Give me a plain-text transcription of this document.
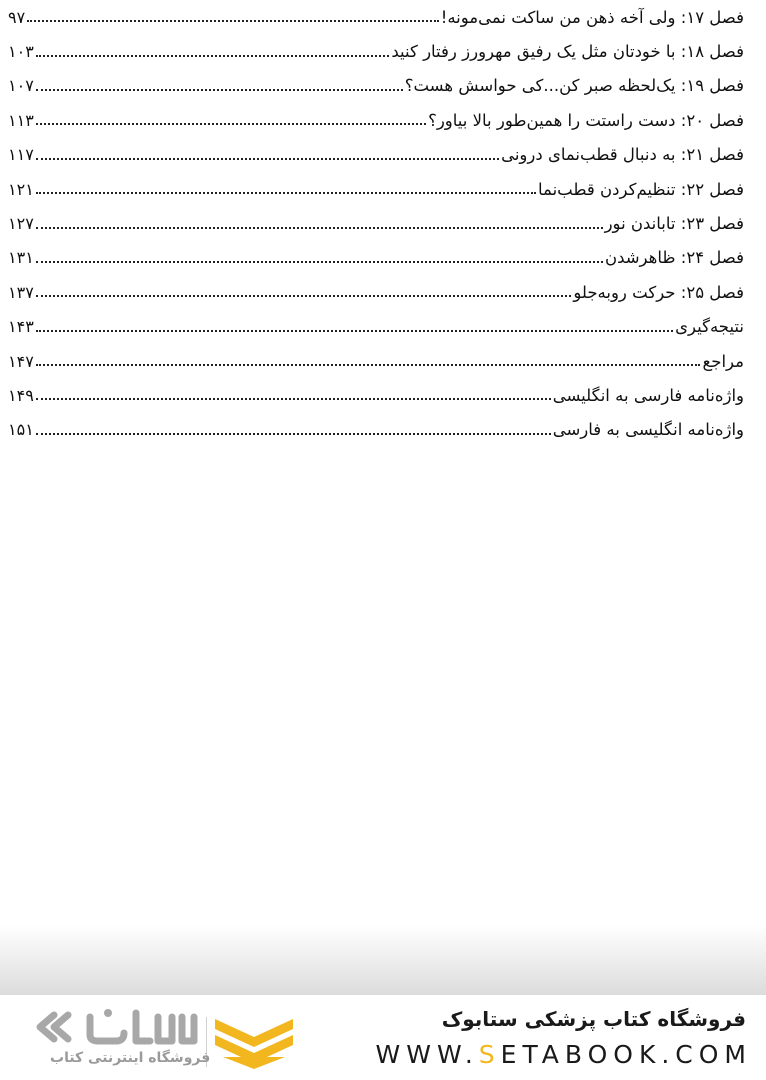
فصل ۱۷: ولی آخه ذهن من ساکت نمی‌مونه!
۹۷
فصل ۱۸: با خودتان مثل یک رفیق مهرورز رفتار کنید
۱۰۳
فصل ۱۹: یک‌لحظه صبر کن...کی حواسش هست؟
۱۰۷
فصل ۲۰: دست راستت را همین‌طور بالا بیاور؟
۱۱۳
فصل ۲۱: به دنبال قطب‌نمای درونی
۱۱۷
فصل ۲۲: تنظیم‌کردن قطب‌نما
۱۲۱
فصل ۲۳: تاباندن نور
۱۲۷
فصل ۲۴: ظاهرشدن
۱۳۱
فصل ۲۵: حرکت روبه‌جلو
۱۳۷
نتیجه‌گیری
۱۴۳
مراجع
۱۴۷
واژه‌نامه فارسی به انگلیسی
۱۴۹
واژه‌نامه انگلیسی به فارسی
۱۵۱
فروشگاه کتاب پزشکی ستابوک
WWW.SETABOOK.COM
فروشگاه اینترنتی کتاب
